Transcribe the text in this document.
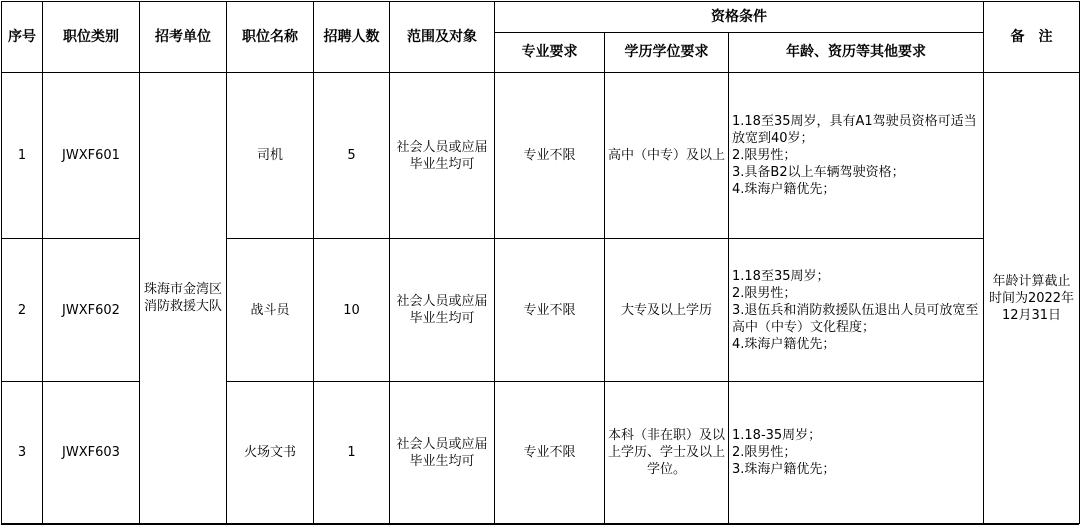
序号	职位类别	招考单位	职位名称	招聘人数	范围及对象	资格条件			备　注
						专业要求	学历学位要求	年龄、资历等其他要求	
1	JWXF601	珠海市金湾区消防救援大队	司机	5	社会人员或应届毕业生均可	专业不限	高中（中专）及以上	1.18至35周岁，具有A1驾驶员资格可适当放宽到40岁；
2.限男性；
3.具备B2以上车辆驾驶资格；
4.珠海户籍优先；	年龄计算截止时间为2022年12月31日
2	JWXF602		战斗员	10	社会人员或应届毕业生均可	专业不限	大专及以上学历	1.18至35周岁；
2.限男性；
3.退伍兵和消防救援队伍退出人员可放宽至高中（中专）文化程度；
4.珠海户籍优先；	

3	JWXF603		火场文书	1	社会人员或应届毕业生均可	专业不限	本科（非在职）及以上学历、学士及以上学位。	1.18-35周岁；
2.限男性；
3.珠海户籍优先；	
